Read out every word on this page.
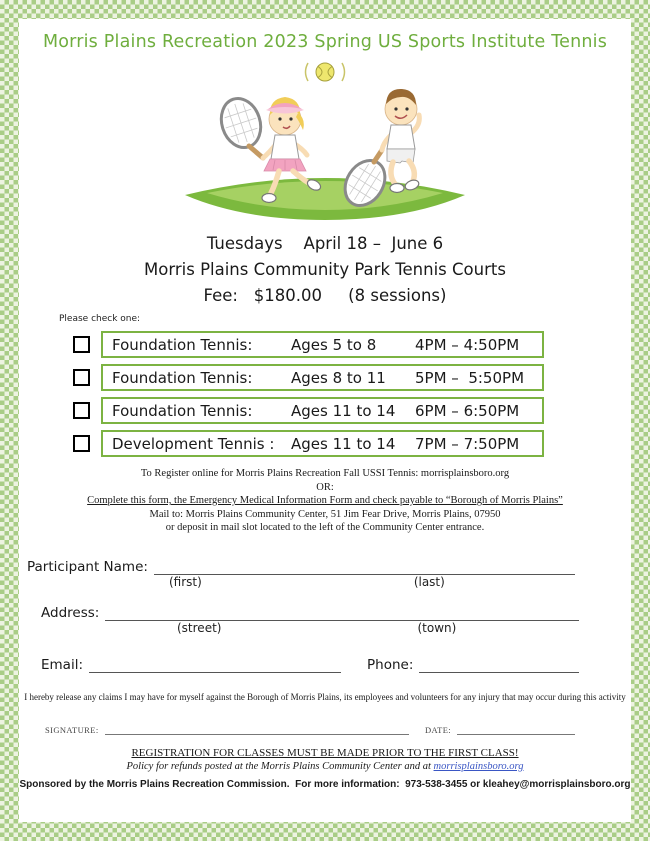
Morris Plains Recreation 2023 Spring US Sports Institute Tennis
Tuesdays    April 18 –  June 6
Morris Plains Community Park Tennis Courts
Fee:   $180.00     (8 sessions)
Please check one:
Foundation Tennis:	Ages 5 to 8	4PM – 4:50PM
Foundation Tennis:	Ages 8 to 11	5PM –  5:50PM
Foundation Tennis:	Ages 11 to 14	6PM – 6:50PM
Development Tennis :	Ages 11 to 14	7PM – 7:50PM
To Register online for Morris Plains Recreation Fall USSI Tennis: morrisplainsboro.org
OR:
Complete this form, the Emergency Medical Information Form and check payable to “Borough of Morris Plains”
Mail to: Morris Plains Community Center, 51 Jim Fear Drive, Morris Plains, 07950
or deposit in mail slot located to the left of the Community Center entrance.
Participant Name:
(first)	(last)
Address:
(street)	(town)
Email:	Phone:
I hereby release any claims I may have for myself against the Borough of Morris Plains, its employees and volunteers for any injury that may occur during this activity
SIGNATURE:	DATE:
REGISTRATION FOR CLASSES MUST BE MADE PRIOR TO THE FIRST CLASS!
Policy for refunds posted at the Morris Plains Community Center and at morrisplainsboro.org
Sponsored by the Morris Plains Recreation Commission.  For more information:  973-538-3455 or kleahey@morrisplainsboro.org
